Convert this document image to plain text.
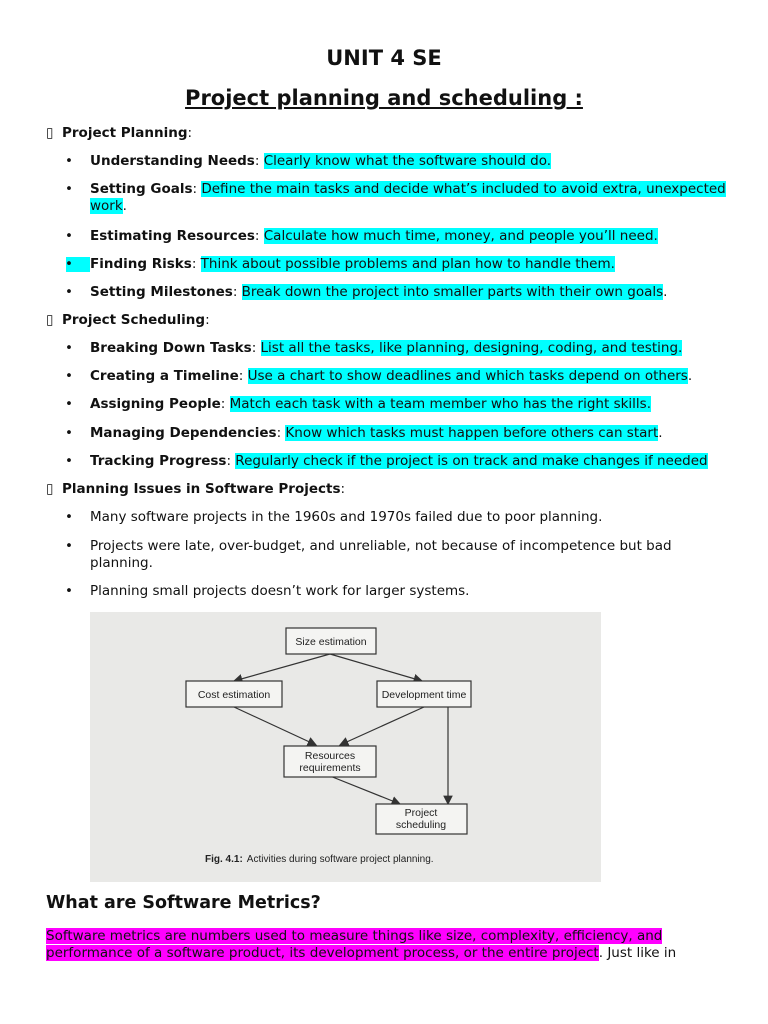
UNIT 4 SE
Project planning and scheduling :
▯ Project Planning:
• Understanding Needs: Clearly know what the software should do.
• Setting Goals: Define the main tasks and decide what’s included to avoid extra, unexpected work.
• Estimating Resources: Calculate how much time, money, and people you’ll need.
• Finding Risks: Think about possible problems and plan how to handle them.
• Setting Milestones: Break down the project into smaller parts with their own goals.
▯ Project Scheduling:
• Breaking Down Tasks: List all the tasks, like planning, designing, coding, and testing.
• Creating a Timeline: Use a chart to show deadlines and which tasks depend on others.
• Assigning People: Match each task with a team member who has the right skills.
• Managing Dependencies: Know which tasks must happen before others can start.
• Tracking Progress: Regularly check if the project is on track and make changes if needed
▯ Planning Issues in Software Projects:
• Many software projects in the 1960s and 1970s failed due to poor planning.
• Projects were late, over-budget, and unreliable, not because of incompetence but bad planning.
• Planning small projects doesn’t work for larger systems.
Size estimation
Cost estimation	Development time
Resources
requirements
Project
scheduling
Fig. 4.1: Activities during software project planning.
What are Software Metrics?
Software metrics are numbers used to measure things like size, complexity, efficiency, and performance of a software product, its development process, or the entire project. Just like in
